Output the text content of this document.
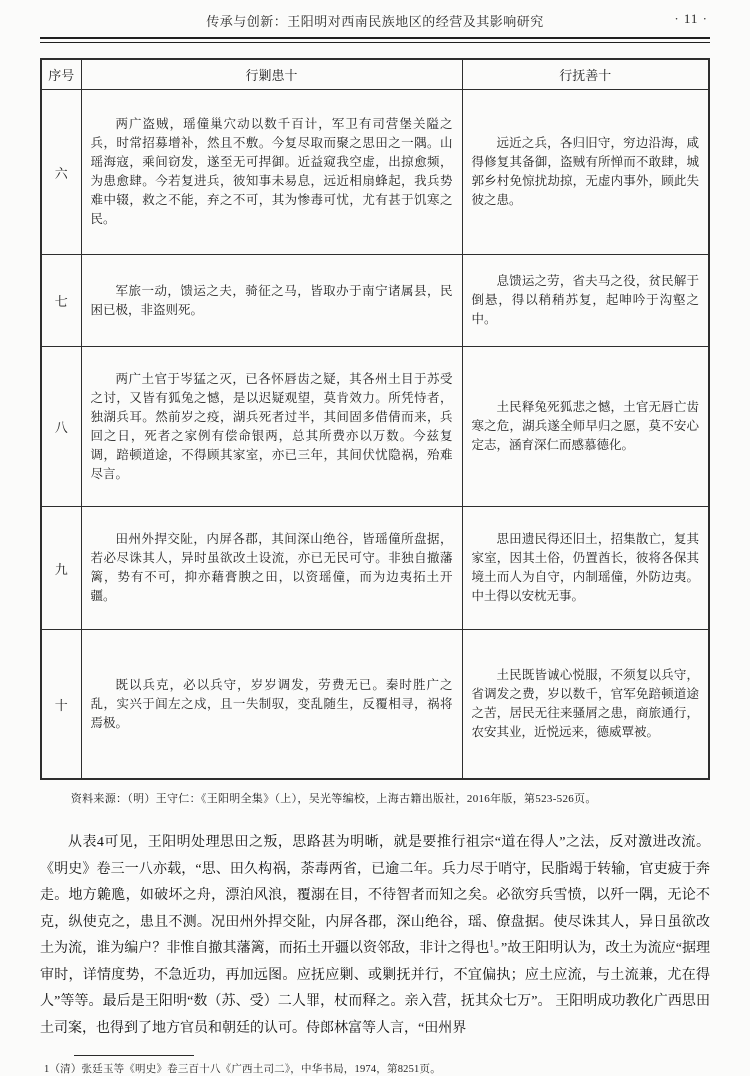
传承与创新：王阳明对西南民族地区的经营及其影响研究	· 11 ·
序号	行剿患十	行抚善十
六	两广盗贼，瑶僮巢穴动以数千百计，军卫有司营堡关隘之兵，时常招募增补，然且不敷。今复尽取而聚之思田之一隅。山瑶海寇，乘间窃发，遂至无可捍御。近益窥我空虚，出掠愈频，为患愈肆。今若复进兵，彼知事未易息，远近相扇蜂起，我兵势难中辍，救之不能，弃之不可，其为惨毒可忧，尤有甚于饥寒之民。	远近之兵，各归旧守，穷边沿海，咸得修复其备御，盗贼有所惮而不敢肆，城郭乡村免惊扰劫掠，无虚内事外，顾此失彼之患。

七	军旅一动，馈运之夫，骑征之马，皆取办于南宁诸属县，民困已极，非盗则死。	息馈运之劳，省夫马之役，贫民解于倒悬，得以稍稍苏复，起呻吟于沟壑之中。

八	两广土官于岑猛之灭，已各怀唇齿之疑，其各州土目于苏受之讨，又皆有狐兔之憾，是以迟疑观望，莫肯效力。所凭恃者，独湖兵耳。然前岁之疫，湖兵死者过半，其间固多借倩而来，兵回之日，死者之家例有偿命银两，总其所费亦以万数。今兹复调，踣顿道途，不得顾其家室，亦已三年，其间伏忧隐祸，殆难尽言。	土民释兔死狐悲之憾，土官无唇亡齿寒之危，湖兵遂全师早归之愿，莫不安心定志，涵育深仁而感慕德化。

九	田州外捍交阯，内屏各郡，其间深山绝谷，皆瑶僮所盘据，若必尽诛其人，异时虽欲改土设流，亦已无民可守。非独自撤藩篱，势有不可，抑亦藉膏腴之田，以资瑶僮，而为边夷拓土开疆。	思田遗民得还旧土，招集散亡，复其家室，因其土俗，仍置酋长，彼将各保其境土而人为自守，内制瑶僮，外防边夷。中土得以安枕无事。

十	既以兵克，必以兵守，岁岁调发，劳费无已。秦时胜广之乱，实兴于闾左之戍，且一失制驭，变乱随生，反覆相寻，祸将焉极。	土民既皆诚心悦服，不须复以兵守，省调发之费，岁以数千，官军免踣顿道途之苦，居民无往来骚屑之患，商旅通行，农安其业，近悦远来，德威覃被。

资料来源：（明）王守仁：《王阳明全集》（上），吴光等编校，上海古籍出版社，2016年版，第523-526页。

从表4可见，王阳明处理思田之叛，思路甚为明晰，就是要推行祖宗“道在得人”之法，反对激进改流。《明史》卷三一八亦载，“思、田久构祸，荼毒两省，已逾二年。兵力尽于哨守，民脂竭于转输，官吏疲于奔走。地方臲卼，如破坏之舟，漂泊风浪，覆溺在目，不待智者而知之矣。必欲穷兵雪愤，以歼一隅，无论不克，纵使克之，患且不测。况田州外捍交阯，内屏各郡，深山绝谷，瑶、僚盘据。使尽诛其人，异日虽欲改土为流，谁为编户？非惟自撤其藩篱，而拓土开疆以资邻敌，非计之得也$^1$。”故王阳明认为，改土为流应“据理审时，详情度势，不急近功，再加远图。应抚应剿、或剿抚并行，不宜偏执；应土应流，与土流兼，尤在得人”等等。最后是王阳明“数（苏、受）二人罪，杖而释之。亲入营，抚其众七万”。 王阳明成功教化广西思田土司案，也得到了地方官员和朝廷的认可。侍郎林富等人言，“田州界

1（清）张廷玉等《明史》卷三百十八《广西土司二》，中华书局，1974，第8251页。
